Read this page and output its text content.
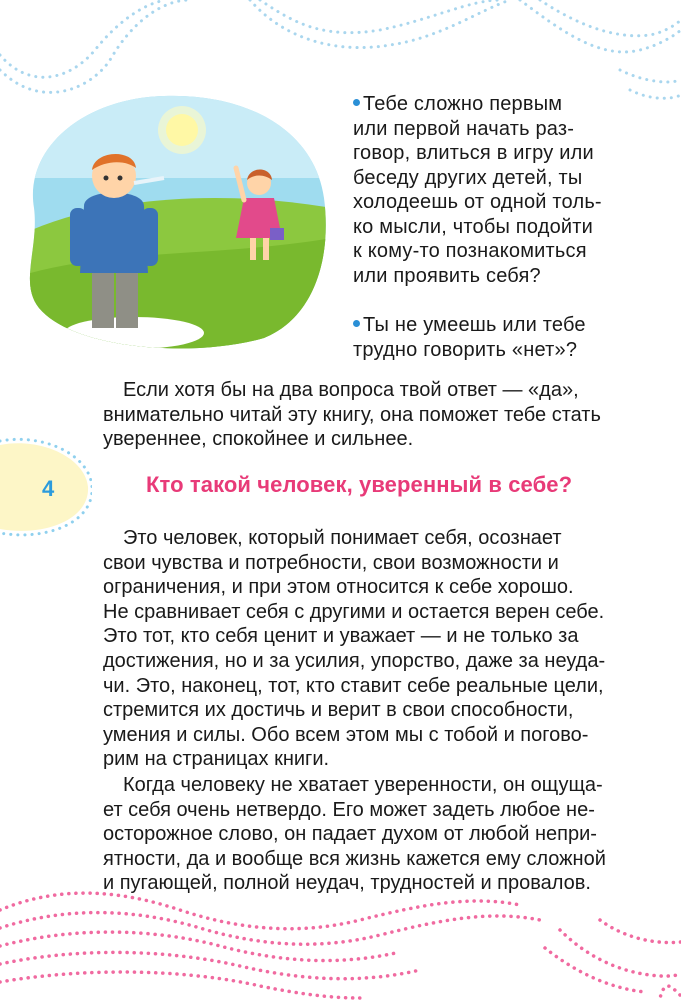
Тебе сложно первым

или первой начать раз-

говор, влиться в игру или

беседу других детей, ты

холодеешь от одной толь-

ко мысли, чтобы подойти

к кому-то познакомиться

или проявить себя?

Ты не умеешь или тебе

трудно говорить «нет»?

Если хотя бы на два вопроса твой ответ — «да»,

внимательно читай эту книгу, она поможет тебе стать

увереннее, спокойнее и сильнее.

4	Кто такой человек, уверенный в себе?

Это человек, который понимает себя, осознает

свои чувства и потребности, свои возможности и

ограничения, и при этом относится к себе хорошо.

Не сравнивает себя с другими и остается верен себе.

Это тот, кто себя ценит и уважает — и не только за

достижения, но и за усилия, упорство, даже за неуда-

чи. Это, наконец, тот, кто ставит себе реальные цели,

стремится их достичь и верит в свои способности,

умения и силы. Обо всем этом мы с тобой и погово-

рим на страницах книги.

Когда человеку не хватает уверенности, он ощуща-

ет себя очень нетвердо. Его может задеть любое не-

осторожное слово, он падает духом от любой непри-

ятности, да и вообще вся жизнь кажется ему сложной

и пугающей, полной неудач, трудностей и провалов.
